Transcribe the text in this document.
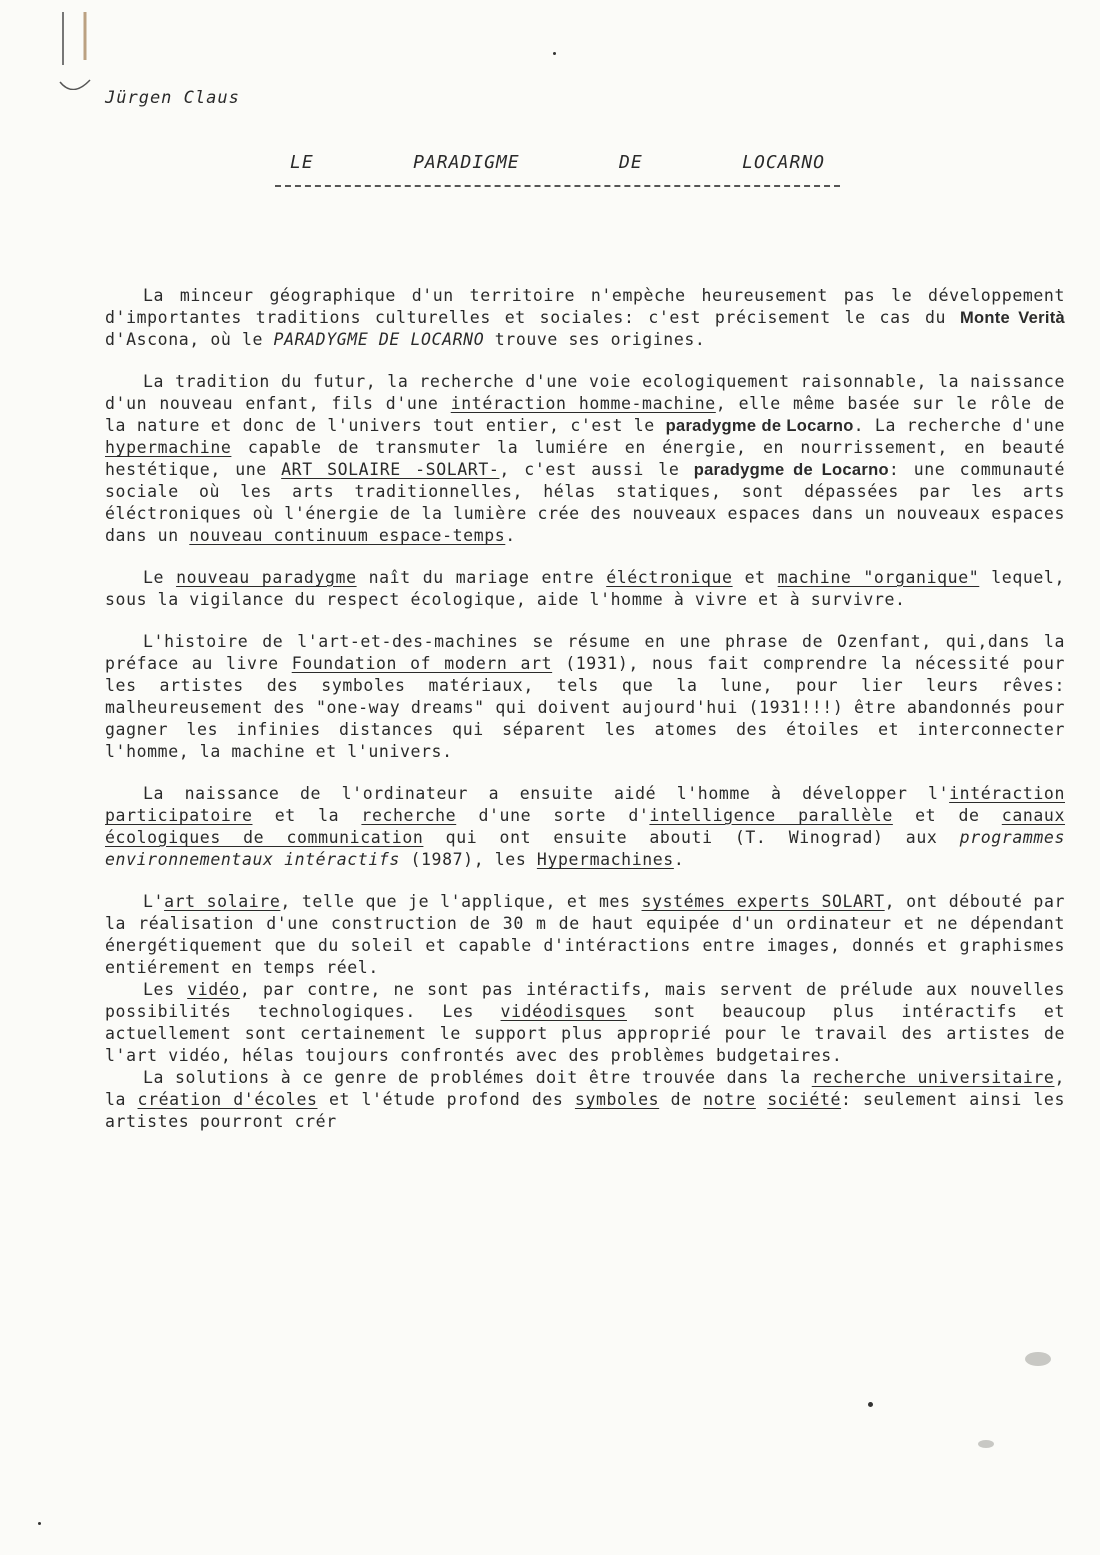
Jürgen Claus
LE	PARADIGME	DE	LOCARNO

La minceur géographique d'un territoire n'empèche heureusement pas le développement d'importantes traditions culturelles et sociales: c'est précisement le cas du Monte Verità d'Ascona, où le PARADYGME DE LOCARNO trouve ses origines.

La tradition du futur, la recherche d'une voie ecologiquement raisonnable, la naissance d'un nouveau enfant, fils d'une intéraction homme-machine, elle même basée sur le rôle de la nature et donc de l'univers tout entier, c'est le paradygme de Locarno. La recherche d'une hypermachine capable de transmuter la lumiére en énergie, en nourrissement, en beauté hestétique, une ART SOLAIRE -SOLART-, c'est aussi le paradygme de Locarno: une communauté sociale où les arts traditionnelles, hélas statiques, sont dépassées par les arts éléctroniques où l'énergie de la lumière crée des nouveaux espaces dans un nouveaux espaces dans un nouveau continuum espace-temps.

Le nouveau paradygme naît du mariage entre éléctronique et machine "organique" lequel, sous la vigilance du respect écologique, aide l'homme à vivre et à survivre.

L'histoire de l'art-et-des-machines se résume en une phrase de Ozenfant, qui,dans la préface au livre Foundation of modern art (1931), nous fait comprendre la nécessité pour les artistes des symboles matériaux, tels que la lune, pour lier leurs rêves: malheureusement des "one-way dreams" qui doivent aujourd'hui (1931!!!) être abandonnés pour gagner les infinies distances qui séparent les atomes des étoiles et interconnecter l'homme, la machine et l'univers.

La naissance de l'ordinateur a ensuite aidé l'homme à développer l'intéraction participatoire et la recherche d'une sorte d'intelligence parallèle et de canaux écologiques de communication qui ont ensuite abouti (T. Winograd) aux programmes environnementaux intéractifs (1987), les Hypermachines.

L'art solaire, telle que je l'applique, et mes systémes experts SOLART, ont débouté par la réalisation d'une construction de 30 m de haut equipée d'un ordinateur et ne dépendant énergétiquement que du soleil et capable d'intéractions entre images, donnés et graphismes entiérement en temps réel.

Les vidéo, par contre, ne sont pas intéractifs, mais servent de prélude aux nouvelles possibilités technologiques. Les vidéodisques sont beaucoup plus intéractifs et actuellement sont certainement le support plus approprié pour le travail des artistes de l'art vidéo, hélas toujours confrontés avec des problèmes budgetaires.

La solutions à ce genre de problémes doit être trouvée dans la recherche universitaire, la création d'écoles et l'étude profond des symboles de notre société: seulement ainsi les artistes pourront crér
